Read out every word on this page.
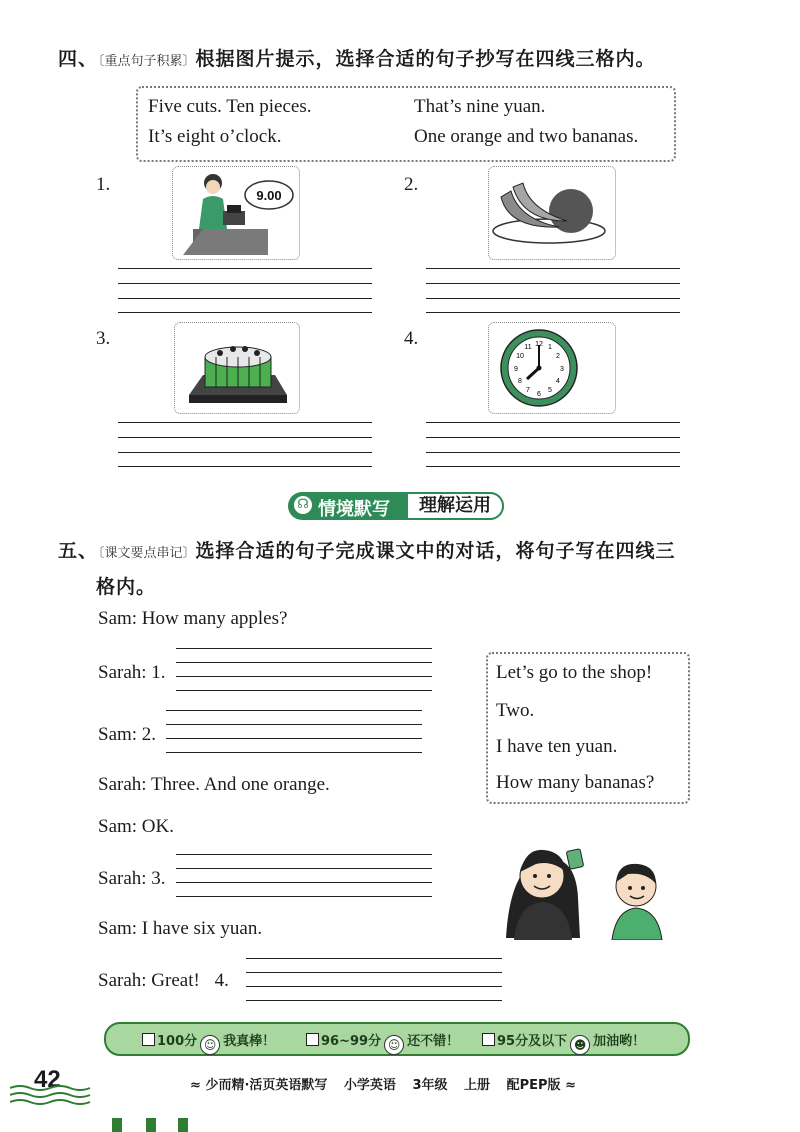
四、〔重点句子积累〕根据图片提示，选择合适的句子抄写在四线三格内。
Five cuts. Ten pieces.	That’s nine yuan.
It’s eight o’clock.	One orange and two bananas.
1.
9.00
2.
3.	4.	12 1
2
3
4
5
6
7
8
9
10
11
☊ 情境默写	理解运用
五、〔课文要点串记〕选择合适的句子完成课文中的对话，将句子写在四线三
格内。
Sam: How many apples?
Sarah: 1.
Sam: 2.
Sarah: Three. And one orange.
Sam: OK.
Sarah: 3.
Sam: I have six yuan.
Sarah: Great! 4.
Let’s go to the shop!
Two.
I have ten yuan.
How many bananas?
100分 ☺ 我真棒！	96~99分 ☺ 还不错！	95分及以下 ☻ 加油哟！
42	≈ 少而精·活页英语默写 小学英语 3年级 上册 配PEP版 ≈
